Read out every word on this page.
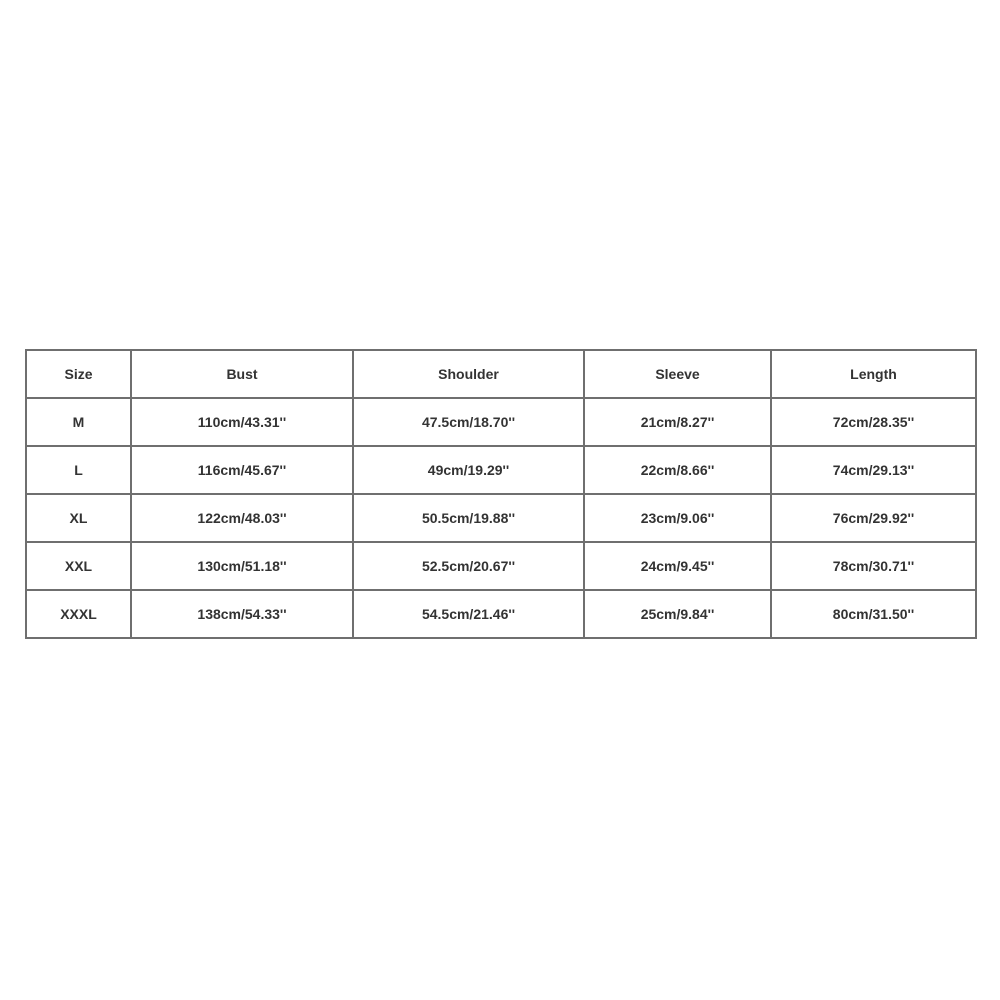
Size	Bust	Shoulder	Sleeve	Length
M	110cm/43.31''	47.5cm/18.70''	21cm/8.27''	72cm/28.35''
L	116cm/45.67''	49cm/19.29''	22cm/8.66''	74cm/29.13''
XL	122cm/48.03''	50.5cm/19.88''	23cm/9.06''	76cm/29.92''
XXL	130cm/51.18''	52.5cm/20.67''	24cm/9.45''	78cm/30.71''
XXXL	138cm/54.33''	54.5cm/21.46''	25cm/9.84''	80cm/31.50''
